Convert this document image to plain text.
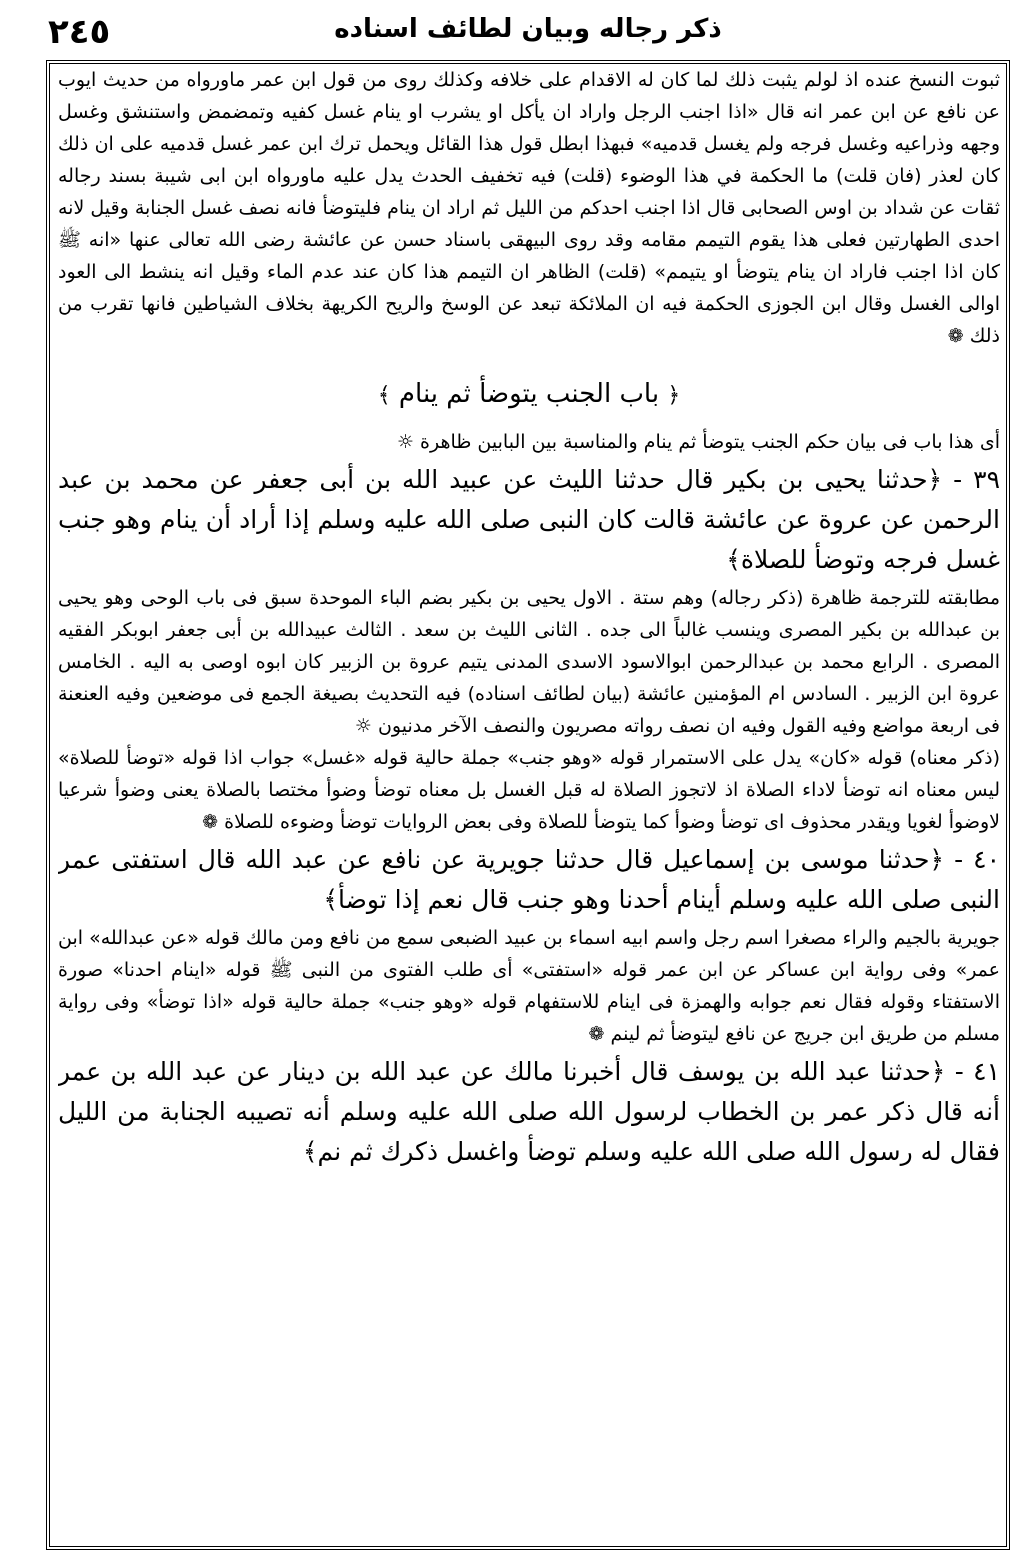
٢٤٥	ذكر رجاله وبيان لطائف اسناده

ثبوت النسخ عنده اذ لولم يثبت ذلك لما كان له الاقدام على خلافه وكذلك روى من قول ابن عمر ماورواه من حديث ايوب عن نافع عن ابن عمر انه قال «اذا اجنب الرجل واراد ان يأكل او يشرب او ينام غسل كفيه وتمضمض واستنشق وغسل وجهه وذراعيه وغسل فرجه ولم يغسل قدميه» فبهذا ابطل قول هذا القائل ويحمل ترك ابن عمر غسل قدميه على ان ذلك كان لعذر (فان قلت) ما الحكمة في هذا الوضوء (قلت) فيه تخفيف الحدث يدل عليه ماورواه ابن ابى شيبة بسند رجاله ثقات عن شداد بن اوس الصحابى قال اذا اجنب احدكم من الليل ثم اراد ان ينام فليتوضأ فانه نصف غسل الجنابة وقيل لانه احدى الطهارتين فعلى هذا يقوم التيمم مقامه وقد روى البيهقى باسناد حسن عن عائشة رضى الله تعالى عنها «انه ﷺ كان اذا اجنب فاراد ان ينام يتوضأ او يتيمم» (قلت) الظاهر ان التيمم هذا كان عند عدم الماء وقيل انه ينشط الى العود اوالى الغسل وقال ابن الجوزى الحكمة فيه ان الملائكة تبعد عن الوسخ والريح الكريهة بخلاف الشياطين فانها تقرب من ذلك ❁

﴿ باب الجنب يتوضأ ثم ينام ﴾

أى هذا باب فى بيان حكم الجنب يتوضأ ثم ينام والمناسبة بين البابين ظاهرة ☼

٣٩ - ﴿حدثنا يحيى بن بكير قال حدثنا الليث عن عبيد الله بن أبى جعفر عن محمد بن عبد الرحمن عن عروة عن عائشة قالت كان النبى صلى الله عليه وسلم إذا أراد أن ينام وهو جنب غسل فرجه وتوضأ للصلاة﴾

مطابقته للترجمة ظاهرة (ذكر رجاله) وهم ستة . الاول يحيى بن بكير بضم الباء الموحدة سبق فى باب الوحى وهو يحيى بن عبدالله بن بكير المصرى وينسب غالباً الى جده . الثانى الليث بن سعد . الثالث عبيدالله بن أبى جعفر ابوبكر الفقيه المصرى . الرابع محمد بن عبدالرحمن ابوالاسود الاسدى المدنى يتيم عروة بن الزبير كان ابوه اوصى به اليه . الخامس عروة ابن الزبير . السادس ام المؤمنين عائشة (بيان لطائف اسناده) فيه التحديث بصيغة الجمع فى موضعين وفيه العنعنة فى اربعة مواضع وفيه القول وفيه ان نصف رواته مصريون والنصف الآخر مدنيون ☼

(ذكر معناه) قوله «كان» يدل على الاستمرار قوله «وهو جنب» جملة حالية قوله «غسل» جواب اذا قوله «توضأ للصلاة» ليس معناه انه توضأ لاداء الصلاة اذ لاتجوز الصلاة له قبل الغسل بل معناه توضأ وضوأ مختصا بالصلاة يعنى وضوأ شرعيا لاوضوأ لغويا ويقدر محذوف اى توضأ وضوأ كما يتوضأ للصلاة وفى بعض الروايات توضأ وضوءه للصلاة ❁

٤٠ - ﴿حدثنا موسى بن إسماعيل قال حدثنا جويرية عن نافع عن عبد الله قال استفتى عمر النبى صلى الله عليه وسلم أينام أحدنا وهو جنب قال نعم إذا توضأ﴾

جويرية بالجيم والراء مصغرا اسم رجل واسم ابيه اسماء بن عبيد الضبعى سمع من نافع ومن مالك قوله «عن عبدالله» ابن عمر» وفى رواية ابن عساكر عن ابن عمر قوله «استفتى» أى طلب الفتوى من النبى ﷺ قوله «اينام احدنا» صورة الاستفتاء وقوله فقال نعم جوابه والهمزة فى اينام للاستفهام قوله «وهو جنب» جملة حالية قوله «اذا توضأ» وفى رواية مسلم من طريق ابن جريج عن نافع ليتوضأ ثم لينم ❁

٤١ - ﴿حدثنا عبد الله بن يوسف قال أخبرنا مالك عن عبد الله بن دينار عن عبد الله بن عمر أنه قال ذكر عمر بن الخطاب لرسول الله صلى الله عليه وسلم أنه تصيبه الجنابة من الليل فقال له رسول الله صلى الله عليه وسلم توضأ واغسل ذكرك ثم نم﴾
